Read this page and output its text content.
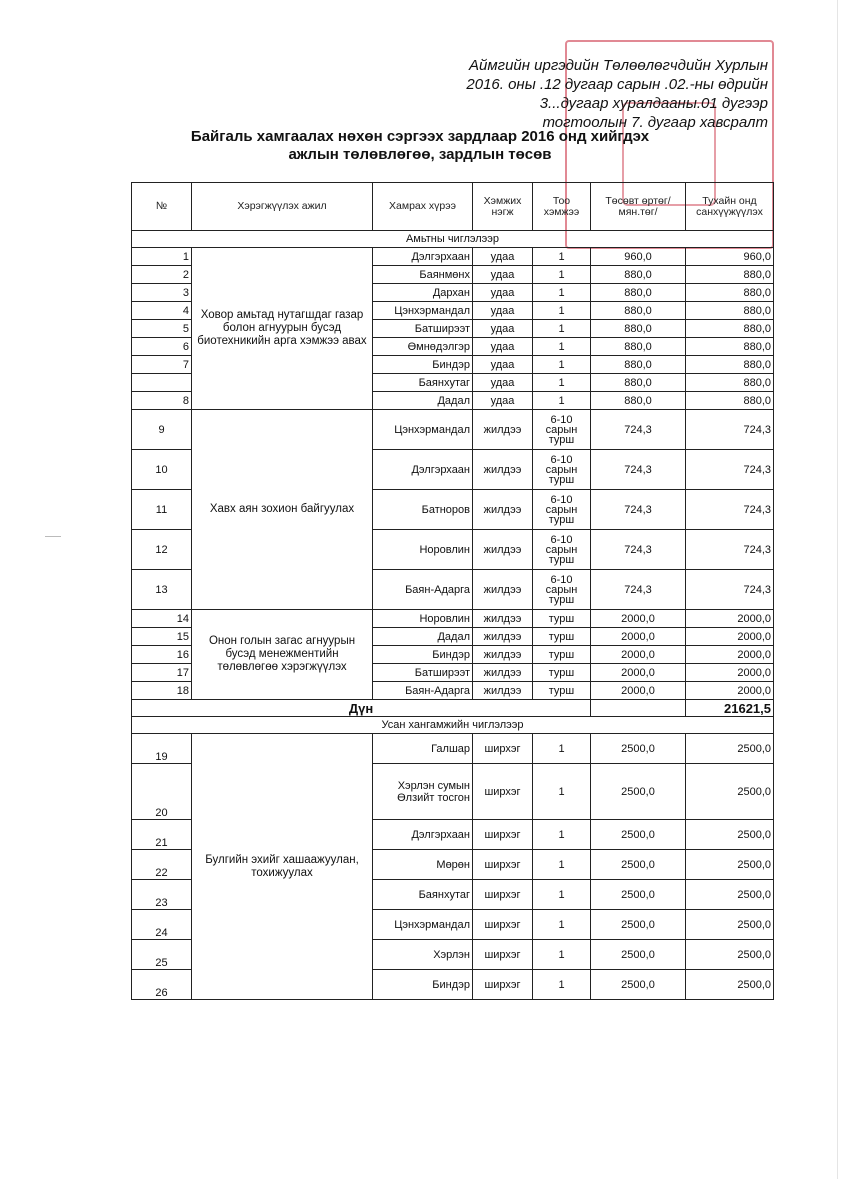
Аймгийн иргэдийн Төлөөлөгчдийн Хурлын
2016. оны .12 дугаар сарын .02.-ны өдрийн
3...дугаар хуралдааны.01 дугээр
тогтоолын 7. дугаар хавсралт
Байгаль хамгаалах нөхөн сэргээх зардлаар 2016 онд хийгдэх
ажлын төлөвлөгөө, зардлын төсөв
№	Хэрэгжүүлэх ажил	Хамрах хүрээ	Хэмжих нэгж	Тоо хэмжээ	Төсөвт өртөг/мян.төг/	Тухайн онд санхүүжүүлэх
Амьтны чиглэлээр						
1	Ховор амьтад нутагшдаг газар болон агнуурын бусэд биотехникийн арга хэмжээ авах	Дэлгэрхаан	удаа	1	960,0	960,0
2		Баянмөнх	удаа	1	880,0	880,0
3		Дархан	удаа	1	880,0	880,0
4		Цэнхэрмандал	удаа	1	880,0	880,0
5		Батширээт	удаа	1	880,0	880,0
6		Өмнөдэлгэр	удаа	1	880,0	880,0
7		Биндэр	удаа	1	880,0	880,0
		Баянхутаг	удаа	1	880,0	880,0
8		Дадал	удаа	1	880,0	880,0
9	Хавх аян зохион байгуулах	Цэнхэрмандал	жилдээ	6-10 сарын турш	724,3	724,3
10		Дэлгэрхаан	жилдээ	6-10 сарын турш	724,3	724,3
11		Батноров	жилдээ	6-10 сарын турш	724,3	724,3
12		Норовлин	жилдээ	6-10 сарын турш	724,3	724,3
13		Баян-Адарга	жилдээ	6-10 сарын турш	724,3	724,3
14	Онон голын загас агнуурын бусэд менежментийн төлөвлөгөө хэрэгжүүлэх	Норовлин	жилдээ	турш	2000,0	2000,0
15		Дадал	жилдээ	турш	2000,0	2000,0
16		Биндэр	жилдээ	турш	2000,0	2000,0
17		Батширээт	жилдээ	турш	2000,0	2000,0
18		Баян-Адарга	жилдээ	турш	2000,0	2000,0
Дүн						21621,5
Усан хангамжийн чиглэлээр						
19	Булгийн эхийг хашаажуулан, тохижуулах	Галшар	ширхэг	1	2500,0	2500,0
20		Хэрлэн сумын Өлзийт тосгон	ширхэг	1	2500,0	2500,0
21		Дэлгэрхаан	ширхэг	1	2500,0	2500,0
22		Мөрөн	ширхэг	1	2500,0	2500,0
23		Баянхутаг	ширхэг	1	2500,0	2500,0
24		Цэнхэрмандал	ширхэг	1	2500,0	2500,0
25		Хэрлэн	ширхэг	1	2500,0	2500,0
26		Биндэр	ширхэг	1	2500,0	2500,0
